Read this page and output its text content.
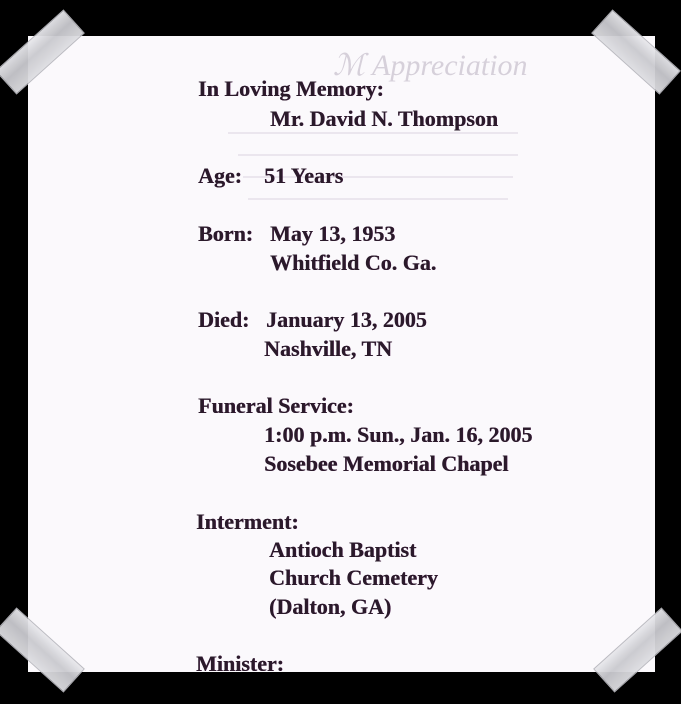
ℳ Appreciation
In Loving Memory:
Mr. David N. Thompson
Age: 51 Years
Born: May 13, 1953
Whitfield Co. Ga.
Died: January 13, 2005
Nashville, TN
Funeral Service:
1:00 p.m. Sun., Jan. 16, 2005
Sosebee Memorial Chapel
Interment:
Antioch Baptist
Church Cemetery
(Dalton, GA)
Minister:
